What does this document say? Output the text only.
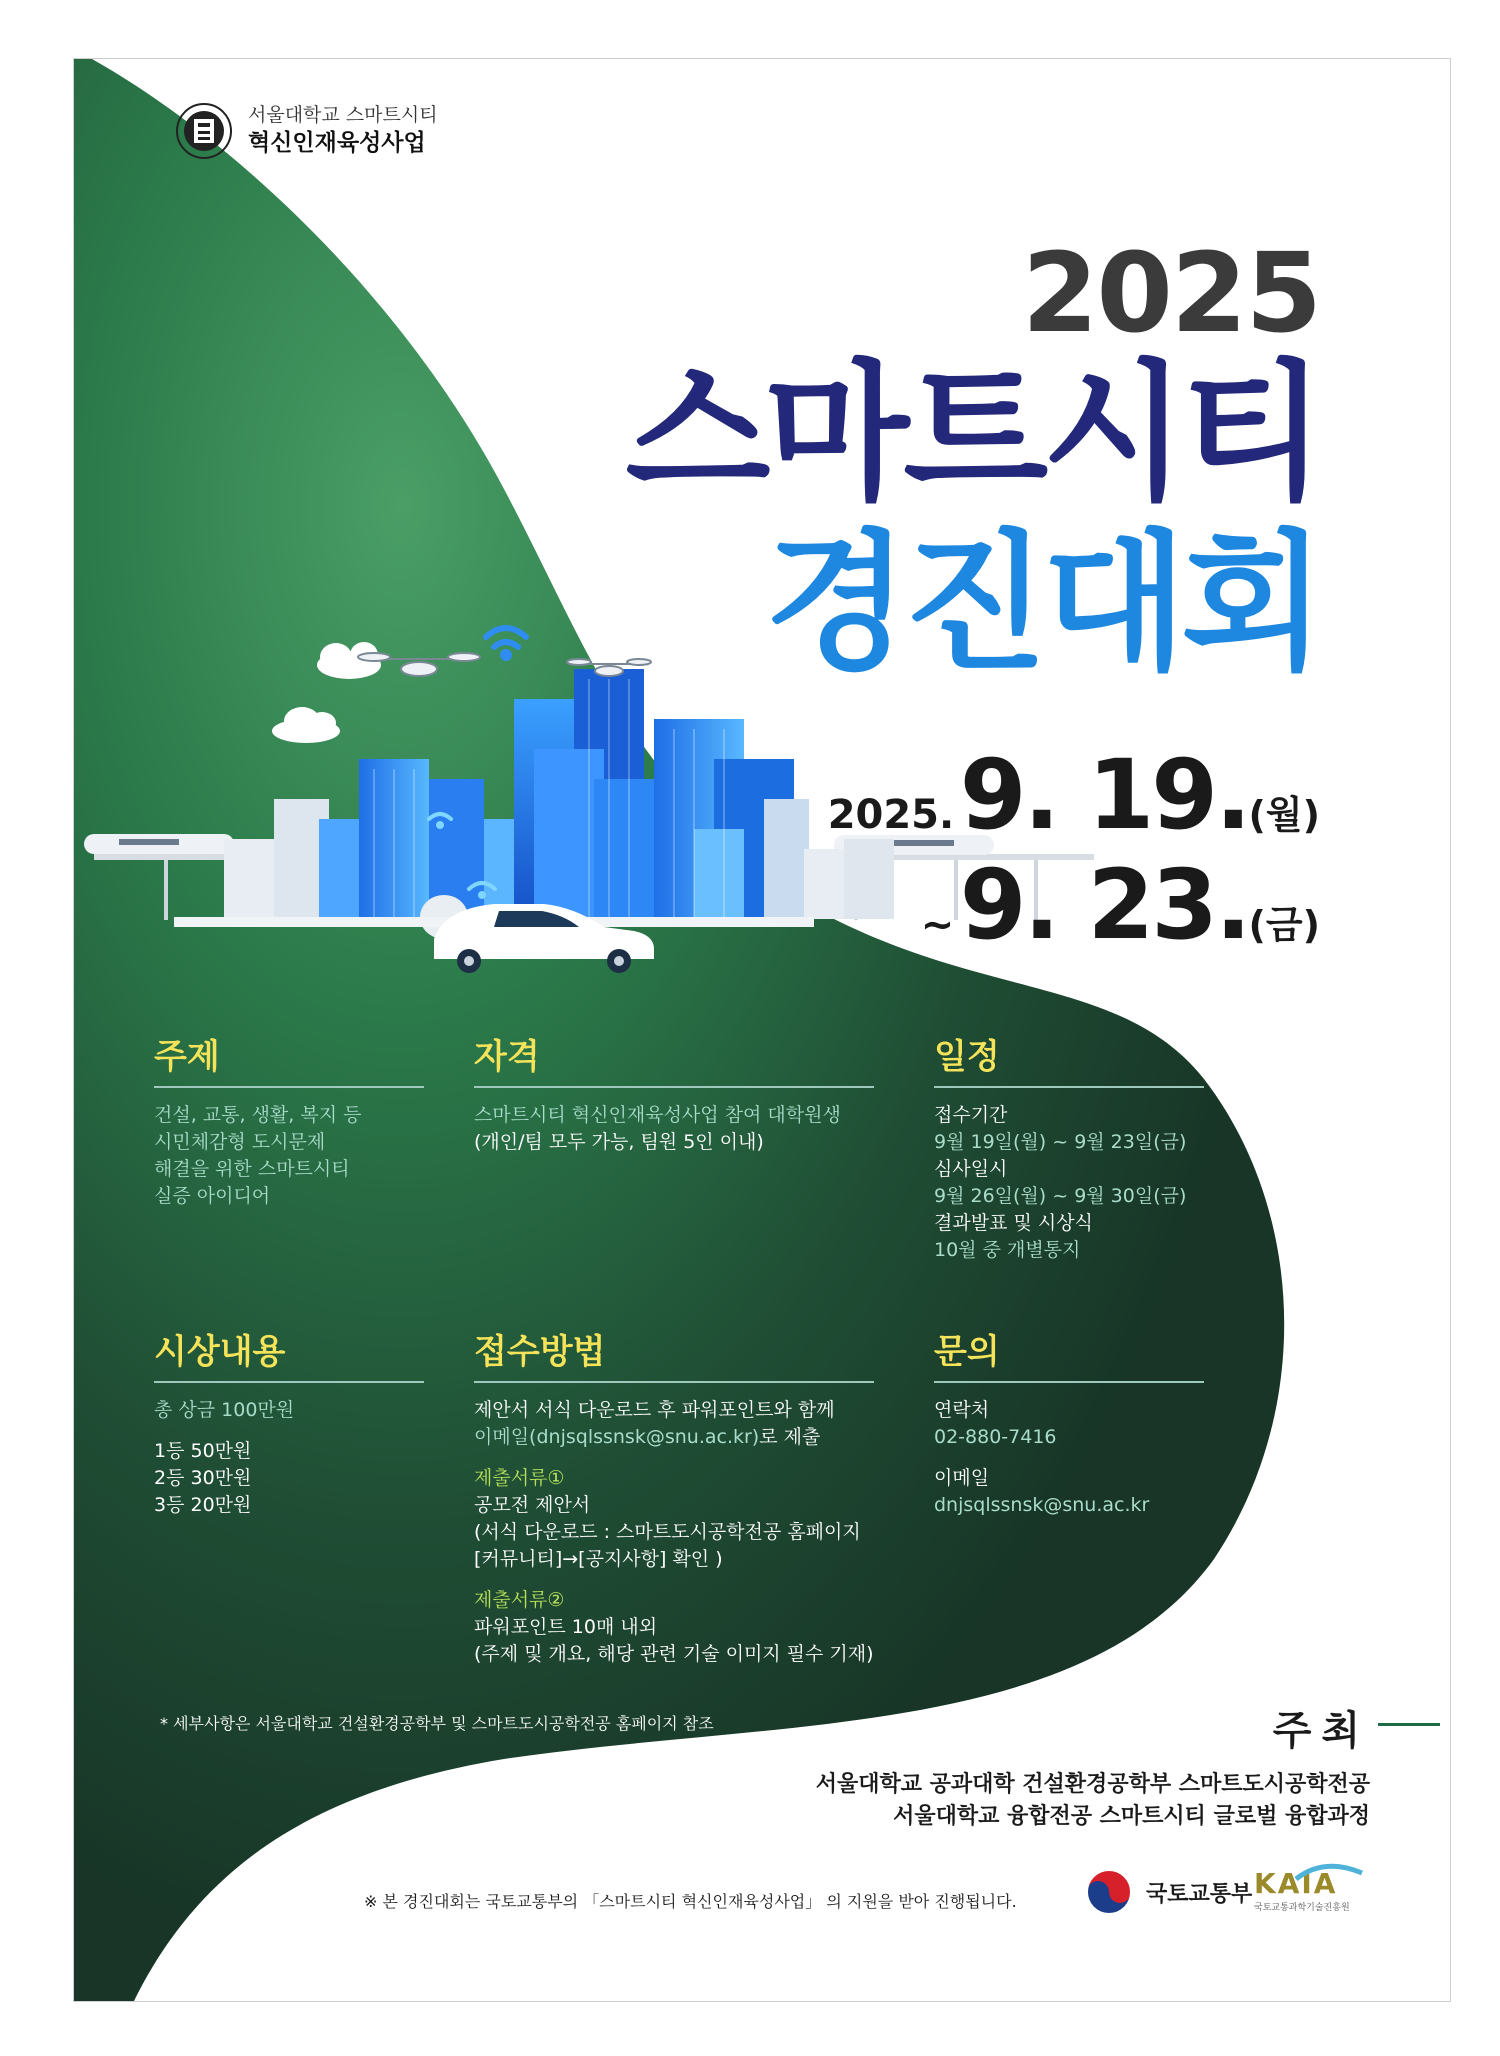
서울대학교 스마트시티
혁신인재육성사업
2025
스마트시티
경진대회
2025. 9. 19.(월)
~ 9. 23.(금)
주제
건설, 교통, 생활, 복지 등
시민체감형 도시문제
해결을 위한 스마트시티
실증 아이디어
자격
스마트시티 혁신인재육성사업 참여 대학원생
(개인/팀 모두 가능, 팀원 5인 이내)
일정
접수기간
9월 19일(월) ~ 9월 23일(금)
심사일시
9월 26일(월) ~ 9월 30일(금)
결과발표 및 시상식
10월 중 개별통지
시상내용
총 상금 100만원
1등 50만원
2등 30만원
3등 20만원
접수방법
제안서 서식 다운로드 후 파워포인트와 함께
이메일(dnjsqlssnsk@snu.ac.kr)로 제출
제출서류①
공모전 제안서
(서식 다운로드 : 스마트도시공학전공 홈페이지
[커뮤니티]→[공지사항] 확인 )
제출서류②
파워포인트 10매 내외
(주제 및 개요, 해당 관련 기술 이미지 필수 기재)
문의
연락처
02-880-7416
이메일
dnjsqlssnsk@snu.ac.kr
* 세부사항은 서울대학교 건설환경공학부 및 스마트도시공학전공 홈페이지 참조	주최
서울대학교 공과대학 건설환경공학부 스마트도시공학전공
서울대학교 융합전공 스마트시티 글로벌 융합과정
※ 본 경진대회는 국토교통부의 「스마트시티 혁신인재육성사업」 의 지원을 받아 진행됩니다.	국토교통부 KAIA
국토교통과학기술진흥원
